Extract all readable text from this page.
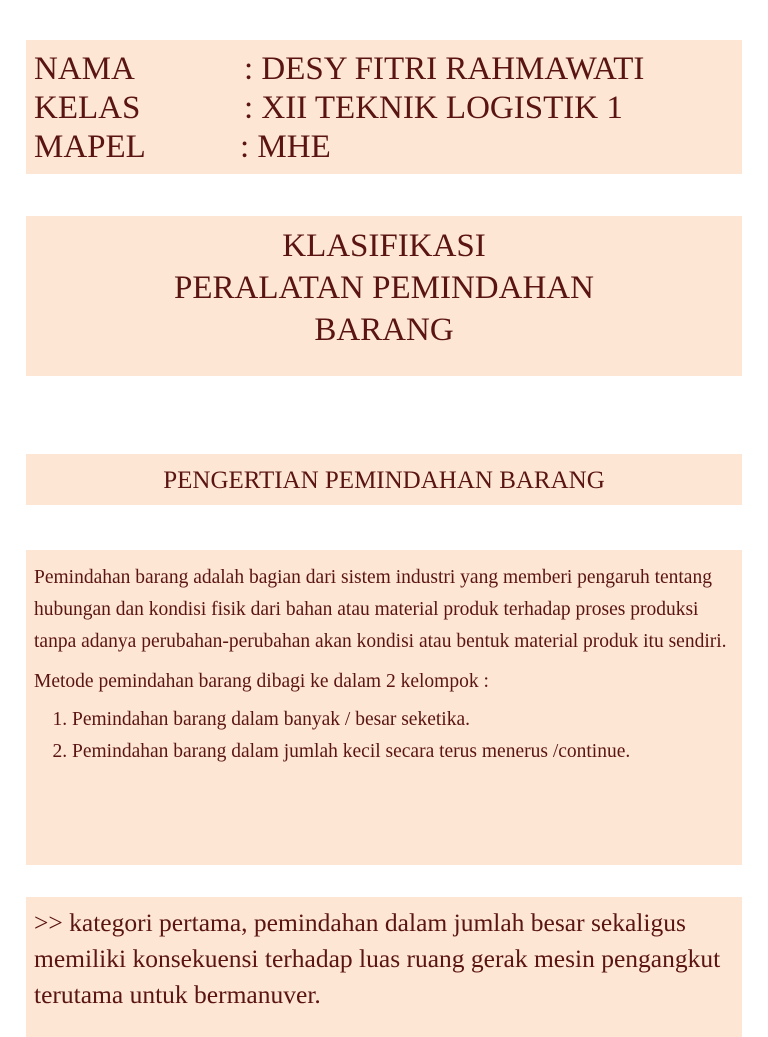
NAMA	: DESY FITRI RAHMAWATI
KELAS	: XII TEKNIK LOGISTIK 1
MAPEL	: MHE
KLASIFIKASI
PERALATAN PEMINDAHAN
BARANG
PENGERTIAN PEMINDAHAN BARANG

Pemindahan barang adalah bagian dari sistem industri yang memberi pengaruh tentang hubungan dan kondisi fisik dari bahan atau material produk terhadap proses produksi tanpa adanya perubahan-perubahan akan kondisi atau bentuk material produk itu sendiri.

Metode pemindahan barang dibagi ke dalam 2 kelompok :

1. Pemindahan barang dalam banyak / besar seketika.
2. Pemindahan barang dalam jumlah kecil secara terus menerus /continue.

>> kategori pertama, pemindahan dalam jumlah besar sekaligus memiliki konsekuensi terhadap luas ruang gerak mesin pengangkut terutama untuk bermanuver.
